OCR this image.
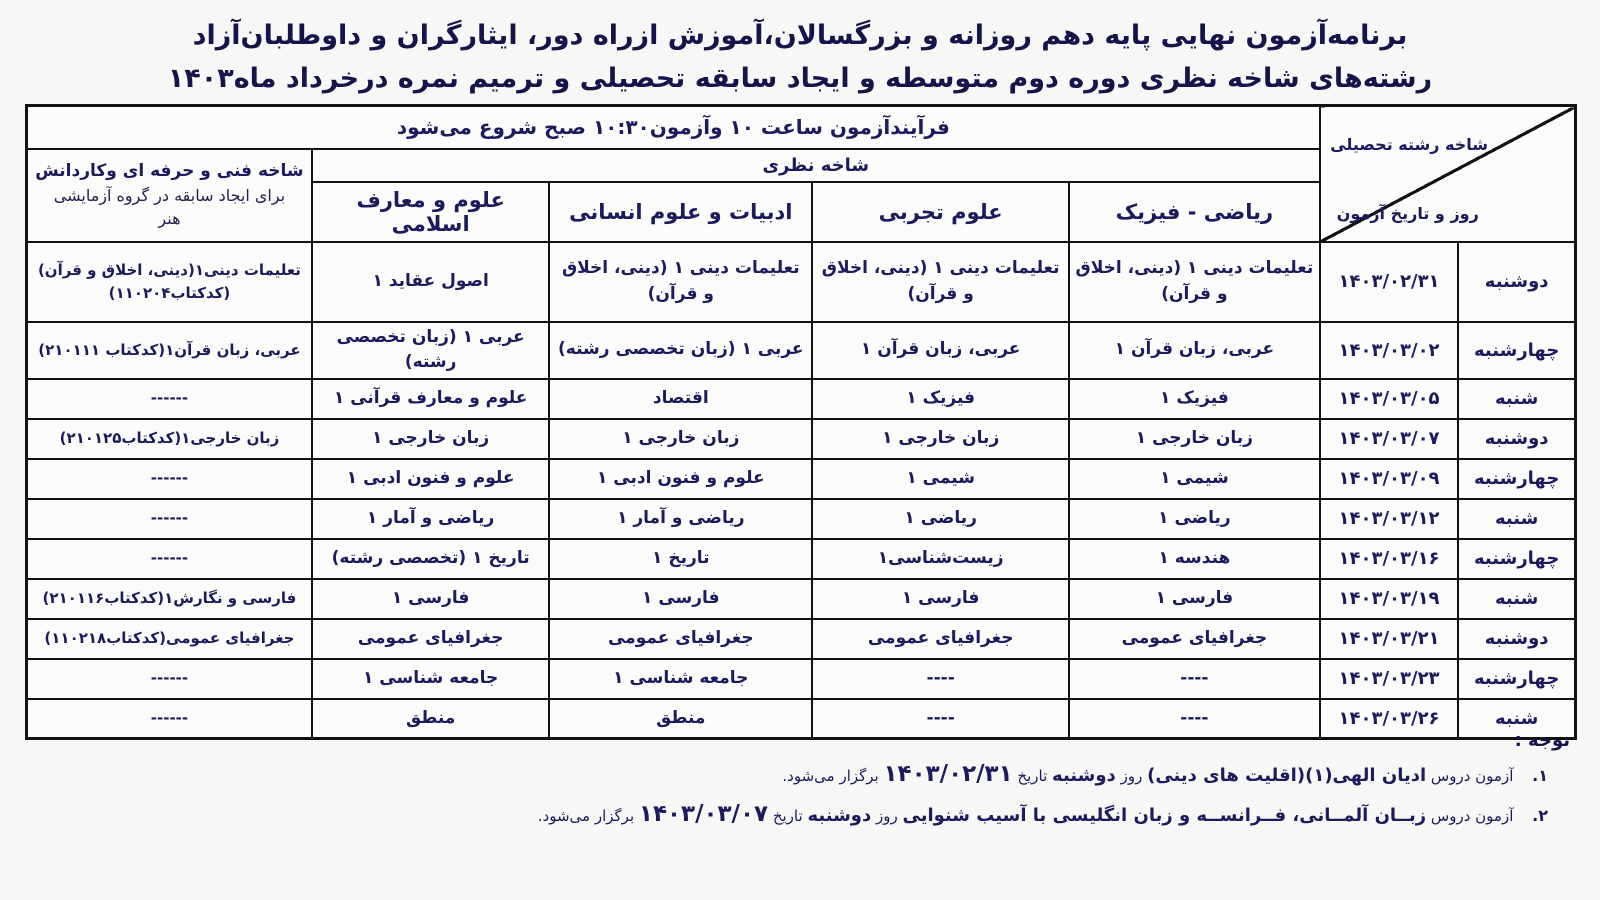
برنامه‌آزمون نهایی پایه دهم روزانه و بزرگسالان،آموزش ازراه دور، ایثارگران و داوطلبان‌آزاد
رشته‌های شاخه نظری دوره دوم متوسطه و ایجاد سابقه تحصیلی و ترمیم نمره درخرداد ماه۱۴۰۳
شاخه رشته تحصیلی
روز و تاریخ آزمون		فرآیندآزمون ساعت ۱۰ وآزمون۱۰:۳۰ صبح شروع می‌شود				
		شاخه نظری				شاخه فنی و حرفه ای وکاردانش
برای ایجاد سابقه در گروه آزمایشی
هنر

		ریاضی - فیزیک	علوم تجربی	ادبیات و علوم انسانی	علوم و معارف اسلامی	
دوشنبه	۱۴۰۳/۰۲/۳۱	تعلیمات دینی ۱ (دینی، اخلاق و قرآن)	تعلیمات دینی ۱ (دینی، اخلاق و قرآن)	تعلیمات دینی ۱ (دینی، اخلاق و قرآن)	اصول عقاید ۱	تعلیمات دینی۱(دینی، اخلاق و قرآن)(کدکتاب۱۱۰۲۰۴)
چهارشنبه	۱۴۰۳/۰۳/۰۲	عربی، زبان قرآن ۱	عربی، زبان قرآن ۱	عربی ۱ (زبان تخصصی رشته)	عربی ۱ (زبان تخصصی رشته)	عربی، زبان قرآن۱(کدکتاب ۲۱۰۱۱۱)
شنبه	۱۴۰۳/۰۳/۰۵	فیزیک ۱	فیزیک ۱	اقتصاد	علوم و معارف قرآنی ۱	------
دوشنبه	۱۴۰۳/۰۳/۰۷	زبان خارجی ۱	زبان خارجی ۱	زبان خارجی ۱	زبان خارجی ۱	زبان خارجی۱(کدکتاب۲۱۰۱۲۵)
چهارشنبه	۱۴۰۳/۰۳/۰۹	شیمی ۱	شیمی ۱	علوم و فنون ادبی ۱	علوم و فنون ادبی ۱	------
شنبه	۱۴۰۳/۰۳/۱۲	ریاضی ۱	ریاضی ۱	ریاضی و آمار ۱	ریاضی و آمار ۱	------
چهارشنبه	۱۴۰۳/۰۳/۱۶	هندسه ۱	زیست‌شناسی۱	تاریخ ۱	تاریخ ۱ (تخصصی رشته)	------
شنبه	۱۴۰۳/۰۳/۱۹	فارسی ۱	فارسی ۱	فارسی ۱	فارسی ۱	فارسی و نگارش۱(کدکتاب۲۱۰۱۱۶)
دوشنبه	۱۴۰۳/۰۳/۲۱	جغرافیای عمومی	جغرافیای عمومی	جغرافیای عمومی	جغرافیای عمومی	جغرافیای عمومی(کدکتاب۱۱۰۲۱۸)
چهارشنبه	۱۴۰۳/۰۳/۲۳	----	----	جامعه شناسی ۱	جامعه شناسی ۱	------
شنبه	۱۴۰۳/۰۳/۲۶	----	----	منطق	منطق	------
توجه :
۱. آزمون دروس ادیان الهی(۱)(اقلیت های دینی) روز دوشنبه تاریخ ۱۴۰۳/۰۲/۳۱ برگزار می‌شود.
۲. آزمون دروس زبــان آلمــانی، فــرانســه و زبان انگلیسی با آسیب شنوایی روز دوشنبه تاریخ ۱۴۰۳/۰۳/۰۷ برگزار می‌شود.
